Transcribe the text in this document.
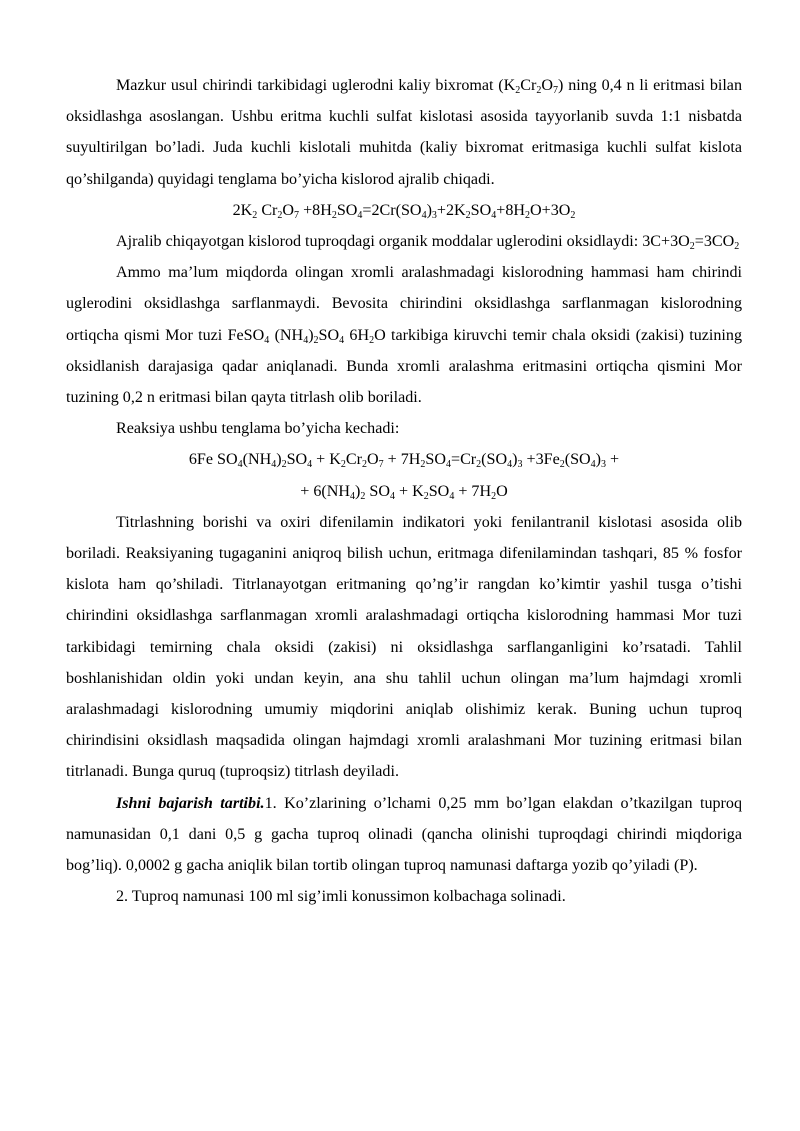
Mazkur usul chirindi tarkibidagi uglerodni kaliy bixromat $(K_2Cr_2O_7)$ ning 0,4 n li eritmasi bilan oksidlashga asoslangan. Ushbu eritma kuchli sulfat kislotasi asosida tayyorlanib suvda 1:1 nisbatda suyultirilgan bo’ladi. Juda kuchli kislotali muhitda (kaliy bixromat eritmasiga kuchli sulfat kislota qo’shilganda) quyidagi tenglama bo’yicha kislorod ajralib chiqadi.

$2K_2$ $Cr_2O_7 +8H_2SO_4=2Cr(SO_4)_3+2K_2SO_4+8H_2O+3O_2$

Ajralib chiqayotgan kislorod tuproqdagi organik moddalar uglerodini oksidlaydi: $3C+3O_2=3CO_2$

Ammo ma’lum miqdorda olingan xromli aralashmadagi kislorodning hammasi ham chirindi uglerodini oksidlashga sarflanmaydi. Bevosita chirindini oksidlashga sarflanmagan kislorodning ortiqcha qismi Mor tuzi FeSO$_4$ $(NH_4)_2SO_4$ $6H_2O$ tarkibiga kiruvchi temir chala oksidi (zakisi) tuzining oksidlanish darajasiga qadar aniqlanadi. Bunda xromli aralashma eritmasini ortiqcha qismini Mor tuzining 0,2 n eritmasi bilan qayta titrlash olib boriladi.

Reaksiya ushbu tenglama bo’yicha kechadi:

6Fe $SO_4(NH_4)_2SO_4 + K_2Cr_2O_7 + 7H_2SO_4=Cr_2(SO_4)_3 +3Fe_2(SO_4)_3$ +

+ $6(NH_4)_2$ $SO_4 + K_2SO_4 + 7H_2O$

Titrlashning borishi va oxiri difenilamin indikatori yoki fenilantranil kislotasi asosida olib boriladi. Reaksiyaning tugaganini aniqroq bilish uchun, eritmaga difenilamindan tashqari, 85 % fosfor kislota ham qo’shiladi. Titrlanayotgan eritmaning qo’ng’ir rangdan ko’kimtir yashil tusga o’tishi chirindini oksidlashga sarflanmagan xromli aralashmadagi ortiqcha kislorodning hammasi Mor tuzi tarkibidagi temirning chala oksidi (zakisi) ni oksidlashga sarflanganligini ko’rsatadi. Tahlil boshlanishidan oldin yoki undan keyin, ana shu tahlil uchun olingan ma’lum hajmdagi xromli aralashmadagi kislorodning umumiy miqdorini aniqlab olishimiz kerak. Buning uchun tuproq chirindisini oksidlash maqsadida olingan hajmdagi xromli aralashmani Mor tuzining eritmasi bilan titrlanadi. Bunga quruq (tuproqsiz) titrlash deyiladi.

Ishni bajarish tartibi.1. Ko’zlarining o’lchami 0,25 mm bo’lgan elakdan o’tkazilgan tuproq namunasidan 0,1 dani 0,5 g gacha tuproq olinadi (qancha olinishi tuproqdagi chirindi miqdoriga bog’liq). 0,0002 g gacha aniqlik bilan tortib olingan tuproq namunasi daftarga yozib qo’yiladi (P).

2. Tuproq namunasi 100 ml sig’imli konussimon kolbachaga solinadi.
